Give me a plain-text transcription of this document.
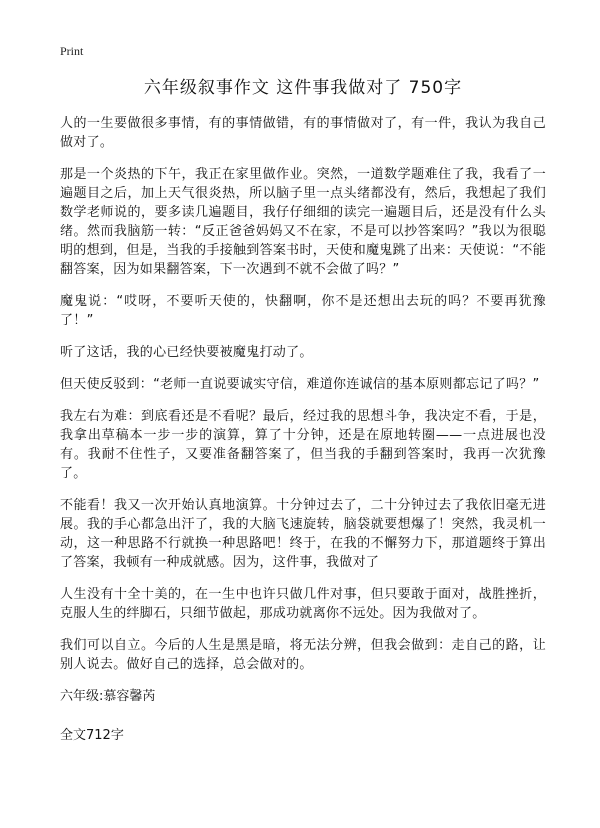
Print
六年级叙事作文 这件事我做对了 750字

人的一生要做很多事情，有的事情做错，有的事情做对了，有一件，我认为我自己做对了。

那是一个炎热的下午，我正在家里做作业。突然，一道数学题难住了我，我看了一遍题目之后，加上天气很炎热，所以脑子里一点头绪都没有，然后，我想起了我们数学老师说的，要多读几遍题目，我仔仔细细的读完一遍题目后，还是没有什么头绪。然而我脑筋一转：“反正爸爸妈妈又不在家，不是可以抄答案吗？”我以为很聪明的想到，但是，当我的手接触到答案书时，天使和魔鬼跳了出来：天使说：“不能翻答案，因为如果翻答案，下一次遇到不就不会做了吗？”

魔鬼说：“哎呀，不要听天使的，快翻啊，你不是还想出去玩的吗？不要再犹豫了！”

听了这话，我的心已经快要被魔鬼打动了。

但天使反驳到：“老师一直说要诚实守信，难道你连诚信的基本原则都忘记了吗？”

我左右为难：到底看还是不看呢？最后，经过我的思想斗争，我决定不看，于是，我拿出草稿本一步一步的演算，算了十分钟，还是在原地转圈——一点进展也没有。我耐不住性子，又要准备翻答案了，但当我的手翻到答案时，我再一次犹豫了。

不能看！我又一次开始认真地演算。十分钟过去了，二十分钟过去了我依旧毫无进展。我的手心都急出汗了，我的大脑飞速旋转，脑袋就要想爆了！突然，我灵机一动，这一种思路不行就换一种思路吧！终于，在我的不懈努力下，那道题终于算出了答案，我顿有一种成就感。因为，这件事，我做对了

人生没有十全十美的，在一生中也许只做几件对事，但只要敢于面对，战胜挫折，克服人生的绊脚石，只细节做起，那成功就离你不远处。因为我做对了。

我们可以自立。今后的人生是黑是暗，将无法分辨，但我会做到：走自己的路，让别人说去。做好自己的选择，总会做对的。

六年级:慕容馨芮
全文712字
